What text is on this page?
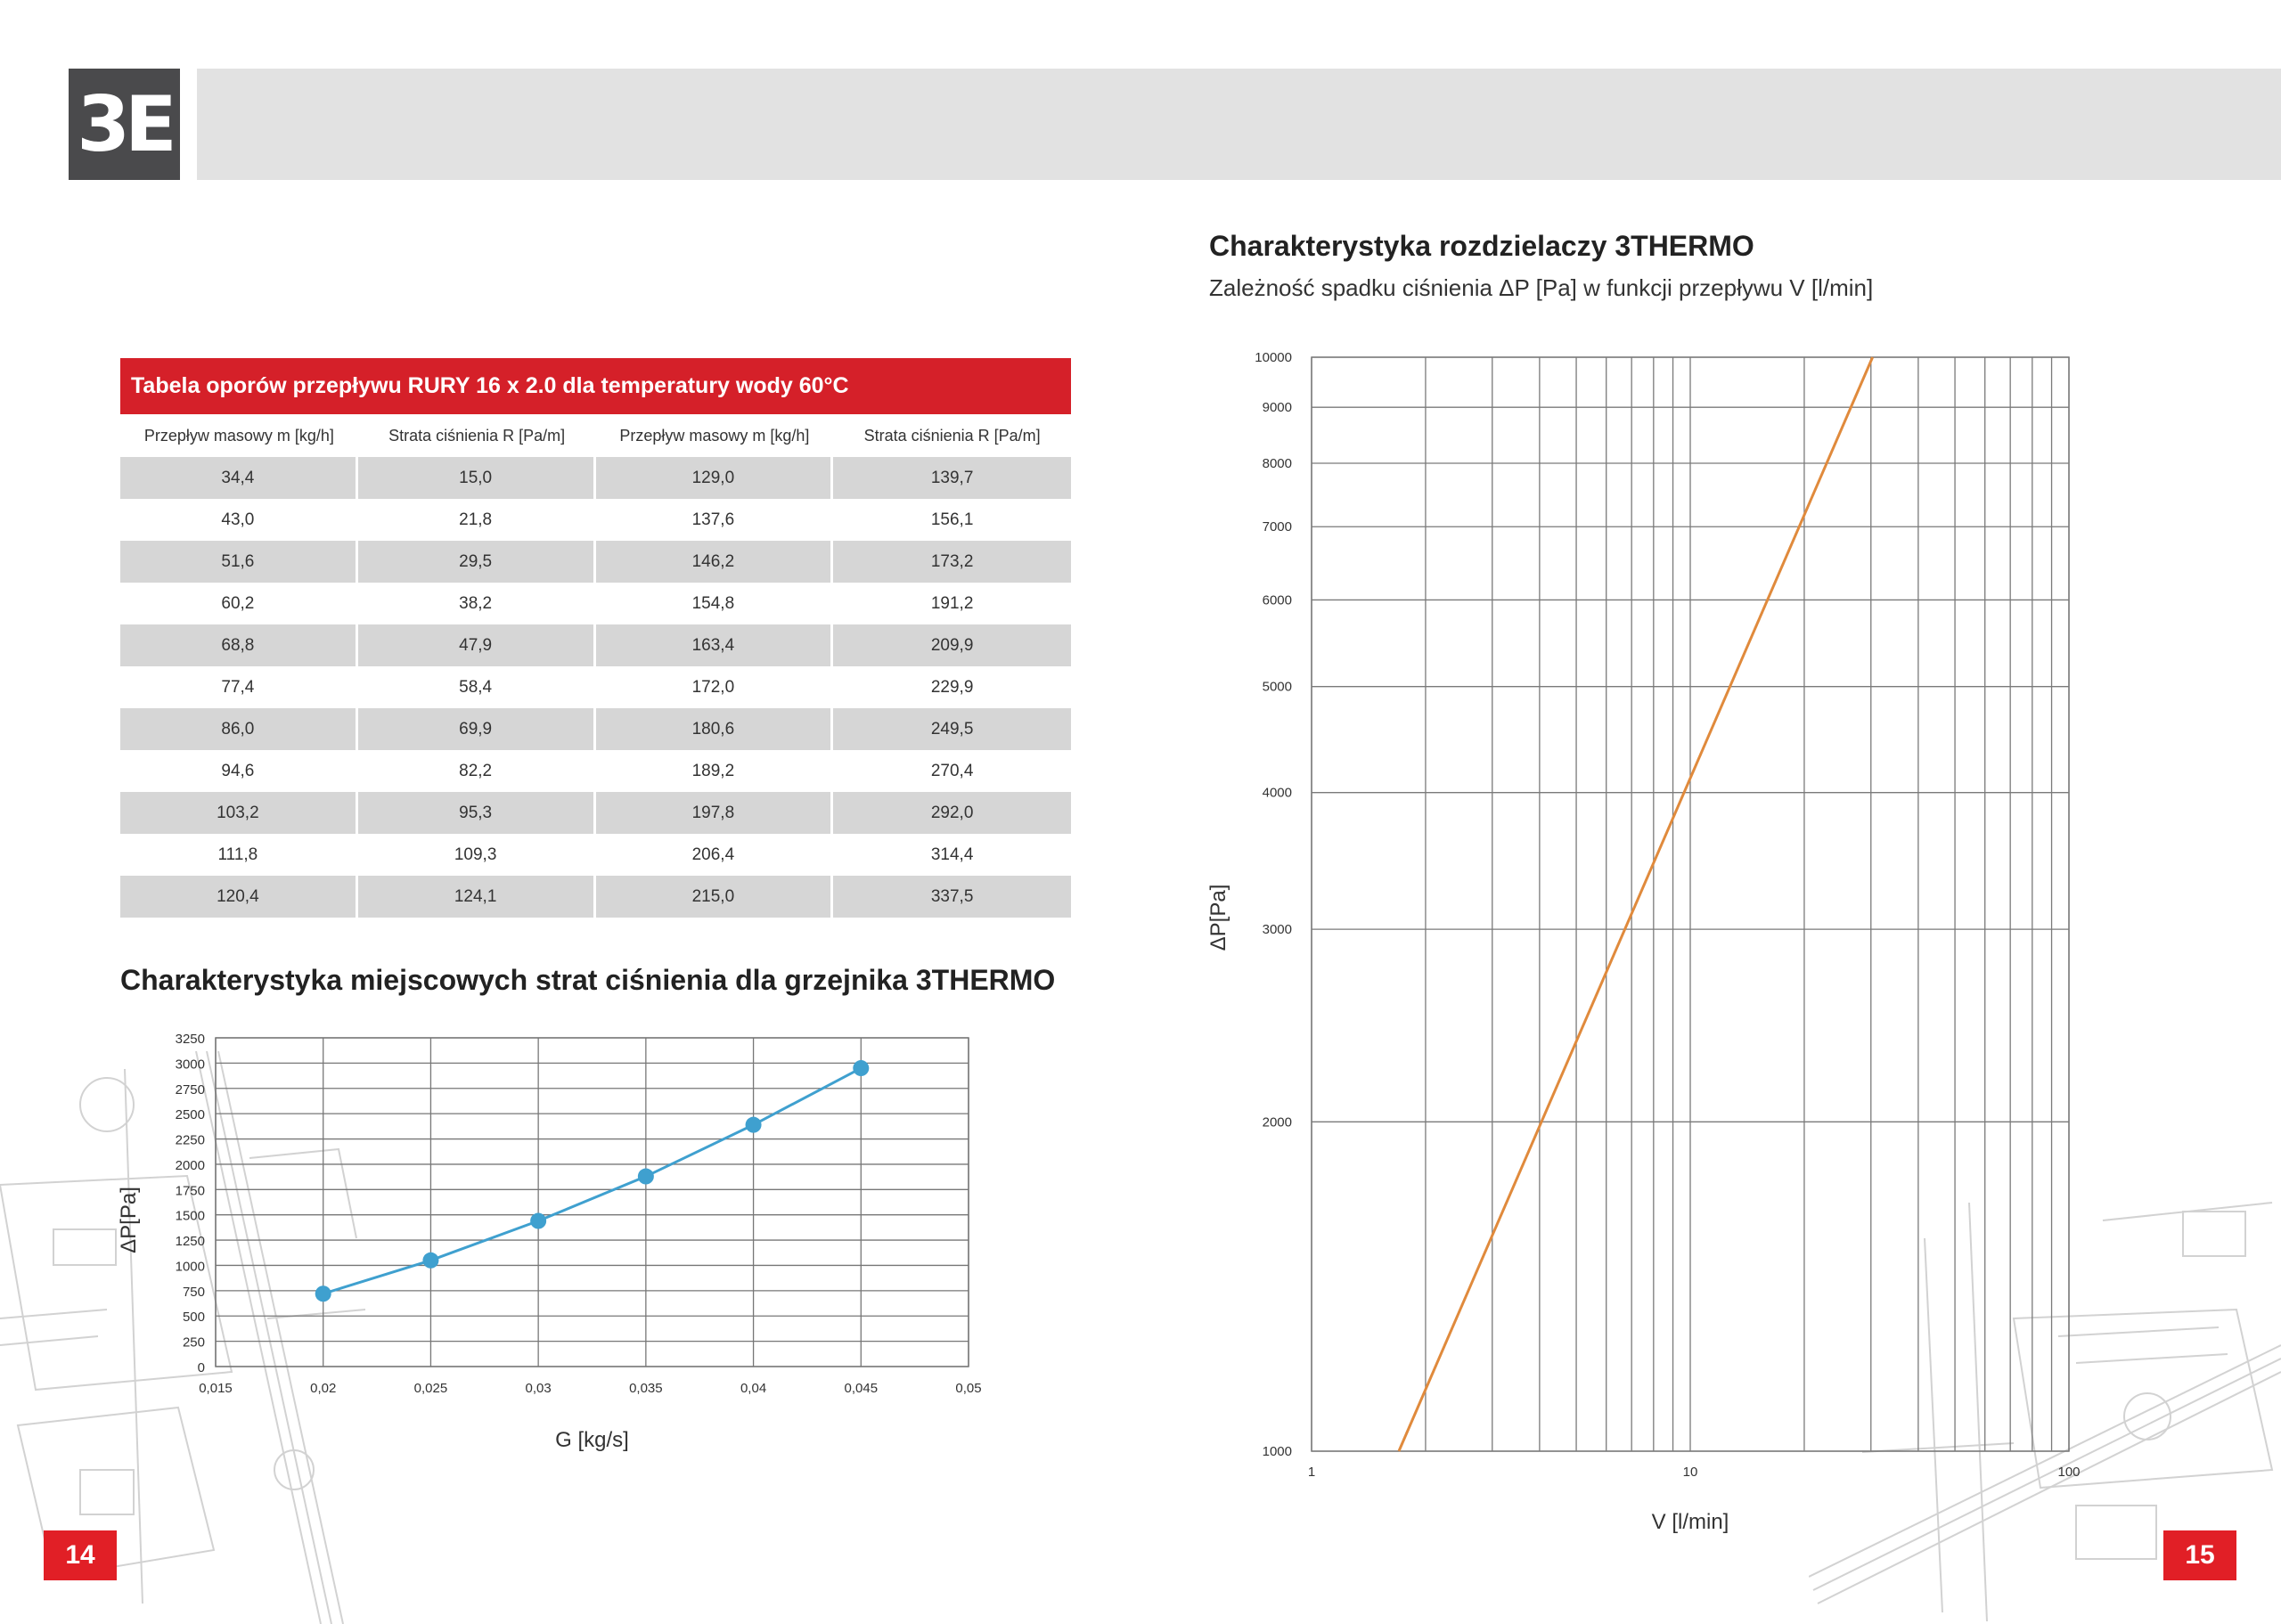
3E
Tabela oporów przepływu RURY 16 x 2.0 dla temperatury wody 60°C
Przepływ masowy m [kg/h]	Strata ciśnienia R [Pa/m]	Przepływ masowy m [kg/h]	Strata ciśnienia R [Pa/m]
34,4	15,0	129,0	139,7
43,0	21,8	137,6	156,1
51,6	29,5	146,2	173,2
60,2	38,2	154,8	191,2
68,8	47,9	163,4	209,9
77,4	58,4	172,0	229,9
86,0	69,9	180,6	249,5
94,6	82,2	189,2	270,4
103,2	95,3	197,8	292,0
111,8	109,3	206,4	314,4
120,4	124,1	215,0	337,5
Charakterystyka miejscowych strat ciśnienia dla grzejnika 3THERMO
0
250
500
750
1000
1250
1500
1750
2000
2250
2500
2750
3000
3250
0,015	0,02	0,025	0,03	0,035	0,04	0,045	0,05
G [kg/s]
ΔP[Pa]
Charakterystyka rozdzielaczy 3THERMO

Zależność spadku ciśnienia ΔP [Pa] w funkcji przepływu V [l/min]

1000
2000
3000
4000
5000
6000
7000
8000
9000
10000
1	10	100
V [l/min]
ΔP[Pa]
14	15
